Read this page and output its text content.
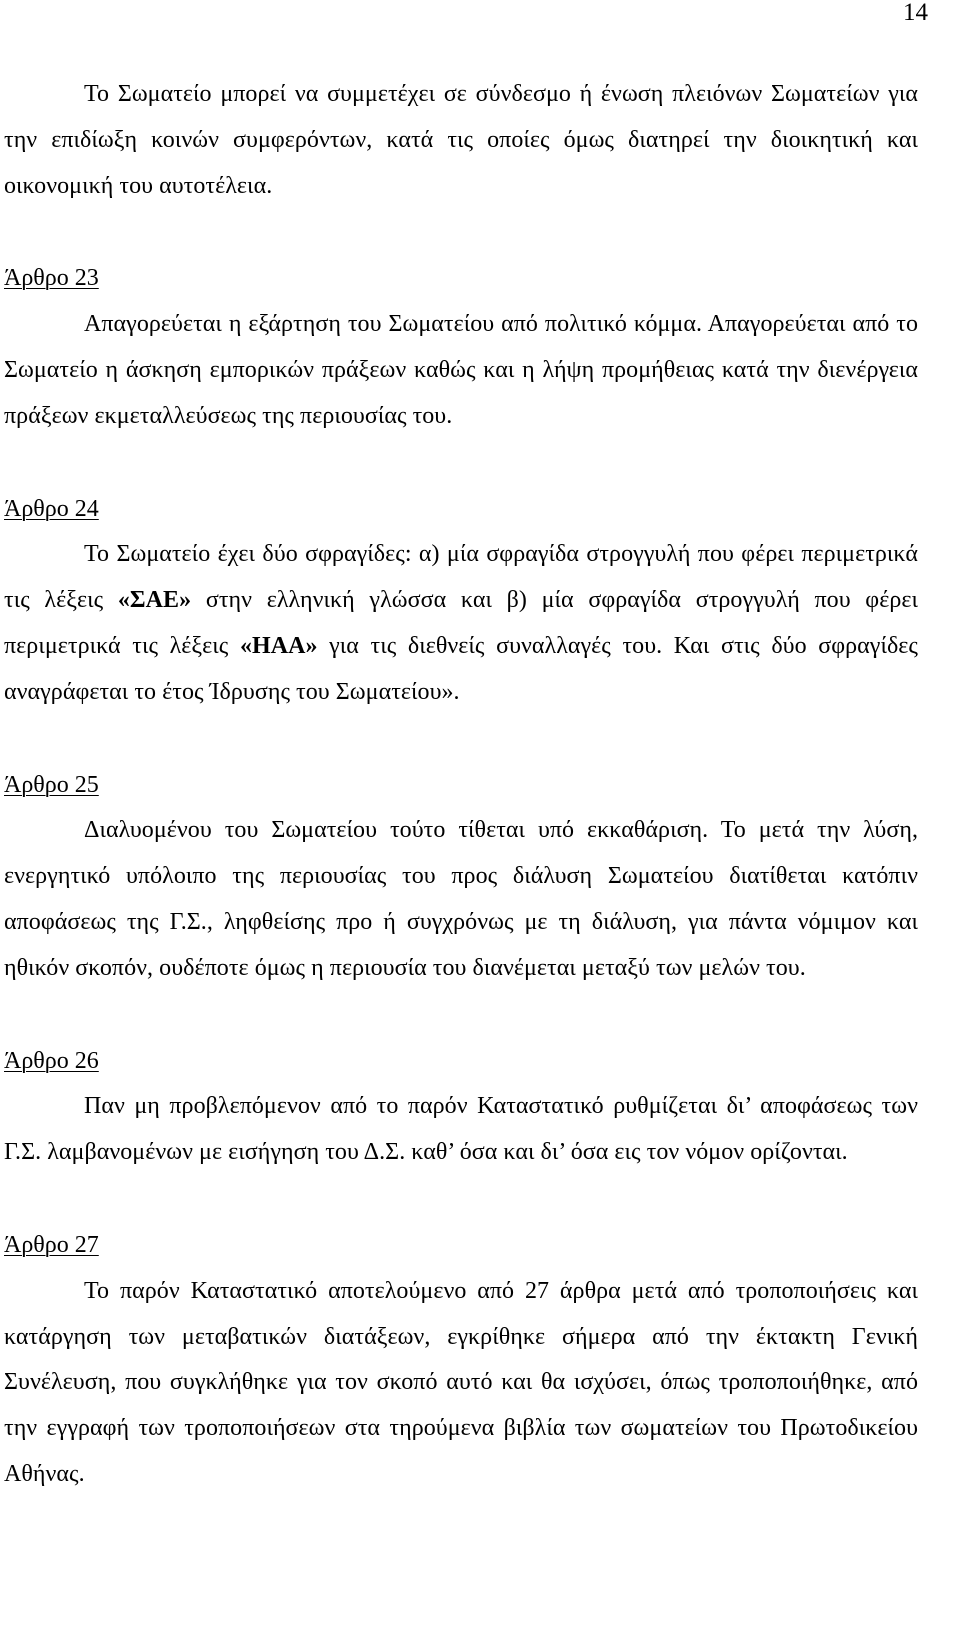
14

Το Σωματείο μπορεί να συμμετέχει σε σύνδεσμο ή ένωση πλειόνων Σωματείων για την επιδίωξη κοινών συμφερόντων, κατά τις οποίες όμως διατηρεί την διοικητική και οικονομική του αυτοτέλεια.

Άρθρο 23

Απαγορεύεται η εξάρτηση του Σωματείου από πολιτικό κόμμα. Απαγορεύεται από το Σωματείο η άσκηση εμπορικών πράξεων καθώς και η λήψη προμήθειας κατά την διενέργεια πράξεων εκμεταλλεύσεως της περιουσίας του.

Άρθρο 24

Το Σωματείο έχει δύο σφραγίδες: α) μία σφραγίδα στρογγυλή που φέρει περιμετρικά τις λέξεις «ΣΑΕ» στην ελληνική γλώσσα και β) μία σφραγίδα στρογγυλή που φέρει περιμετρικά τις λέξεις «HAA» για τις διεθνείς συναλλαγές του. Και στις δύο σφραγίδες αναγράφεται το έτος Ίδρυσης του Σωματείου».

Άρθρο 25

Διαλυομένου του Σωματείου τούτο τίθεται υπό εκκαθάριση. Το μετά την λύση, ενεργητικό υπόλοιπο της περιουσίας του προς διάλυση Σωματείου διατίθεται κατόπιν αποφάσεως της Γ.Σ., ληφθείσης προ ή συγχρόνως με τη διάλυση, για πάντα νόμιμον και ηθικόν σκοπόν, ουδέποτε όμως η περιουσία του διανέμεται μεταξύ των μελών του.

Άρθρο 26

Παν μη προβλεπόμενον από το παρόν Καταστατικό ρυθμίζεται δι’ αποφάσεως των Γ.Σ. λαμβανομένων με εισήγηση του Δ.Σ. καθ’ όσα και δι’ όσα εις τον νόμον ορίζονται.

Άρθρο 27

Το παρόν Καταστατικό αποτελούμενο από 27 άρθρα μετά από τροποποιήσεις και κατάργηση των μεταβατικών διατάξεων, εγκρίθηκε σήμερα από την έκτακτη Γενική Συνέλευση, που συγκλήθηκε για τον σκοπό αυτό και θα ισχύσει, όπως τροποποιήθηκε, από την εγγραφή των τροποποιήσεων στα τηρούμενα βιβλία των σωματείων του Πρωτοδικείου Αθήνας.
